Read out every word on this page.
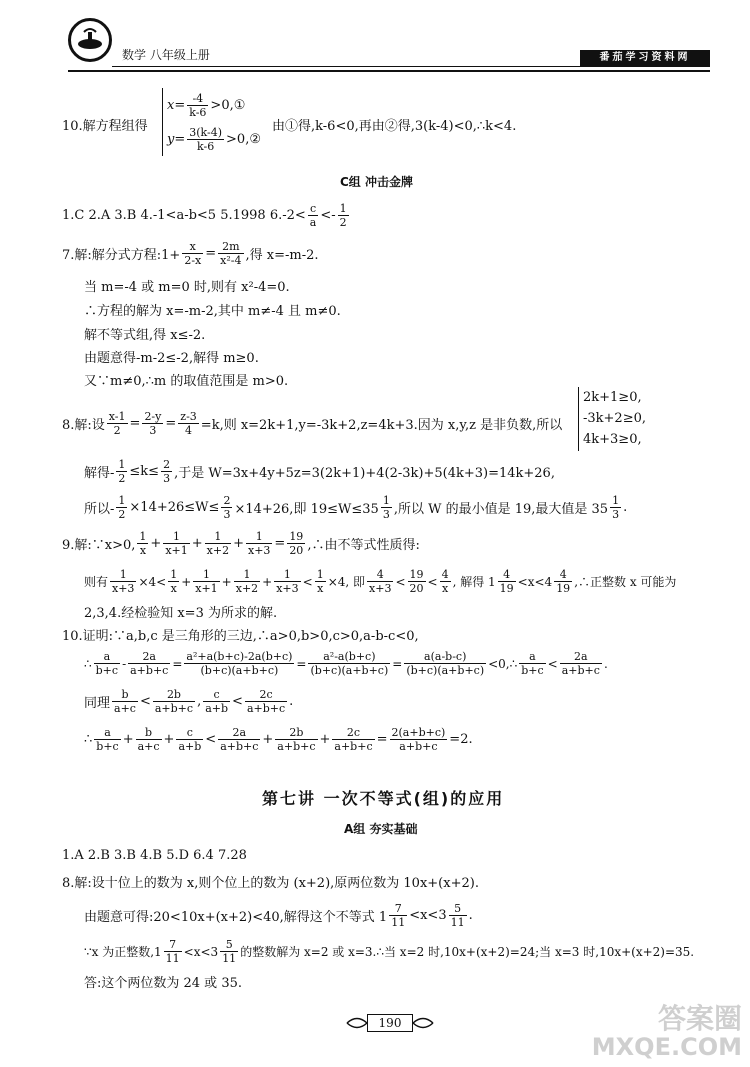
数学 八年级上册	番茄学习资料网
10.解方程组得
$x= \frac{-4}{k-6}$ >0,①
$y= \frac{3(k-4)}{k-6}$ >0,②
由①得,k-6<0,再由②得,3(k-4)<0,∴k<4.
C组 冲击金牌
1.C 2.A 3.B 4.-1<a-b<5 5.1998 $6.-2< \frac{c}{a} <- \frac{1}{2}$
7.解:解分式方程:1+ $\frac{x}{2-x} = \frac{2m}{\text{x²-4}}$ ,得 x=-m-2.
当 m=-4 或 m=0 时,则有 x²-4=0.
∴方程的解为 x=-m-2,其中 m≠-4 且 m≠0.
解不等式组,得 x≤-2.
由题意得-m-2≤-2,解得 m≥0.
又∵m≠0,∴m 的取值范围是 m>0.
8.解:设 $\frac{x-1}{2} = \frac{2-y}{3} = \frac{z-3}{4} =k$,则 x=2k+1,y=-3k+2,z=4k+3.因为 x,y,z 是非负数,所以
2k+1≥0,
-3k+2≥0,
4k+3≥0,
解得- $\frac{1}{2} \le k\le \frac{2}{3}$ ,于是 W=3x+4y+5z=3(2k+1)+4(2-3k)+5(4k+3)=14k+26,
所以- $\frac{1}{2} \times 14+26\le W\le \frac{2}{3} \times 14+26$,即 $19\le W\le 35 \frac{1}{3}$ ,所以 W 的最小值是 19,最大值是 $35 \frac{1}{3}$ .
9.解:∵x>0, $\frac{1}{x} + \frac{1}{x+1} + \frac{1}{x+2} + \frac{1}{x+3} = \frac{19}{20}$ ,∴由不等式性质得:
则有 $\frac{1}{x+3} \times 4< \frac{1}{x} + \frac{1}{x+1} + \frac{1}{x+2} + \frac{1}{x+3} < \frac{1}{x} \times 4$, 即 $\frac{4}{x+3} < \frac{19}{20} < \frac{4}{x}$ , 解得 $1 \frac{4}{19} <x<4 \frac{4}{19}$ ,∴正整数 x 可能为
2,3,4.经检验知 x=3 为所求的解.
10.证明:∵a,b,c 是三角形的三边,∴a>0,b>0,c>0,a-b-c<0,
∴ $\frac{a}{b+c} - \frac{2a}{a+b+c} = \frac{\text{a²+a(b+c)-2a(b+c)}}{(b+c)(a+b+c)} = \frac{\text{a²-a(b+c)}}{(b+c)(a+b+c)} = \frac{a(a-b-c)}{(b+c)(a+b+c)}$ <0,∴ $\frac{a}{b+c} < \frac{2a}{a+b+c}$ .
同理 $\frac{b}{a+c} < \frac{2b}{a+b+c}$ , $\frac{c}{a+b} < \frac{2c}{a+b+c}$ .
∴ $\frac{a}{b+c} + \frac{b}{a+c} + \frac{c}{a+b} < \frac{2a}{a+b+c} + \frac{2b}{a+b+c} + \frac{2c}{a+b+c} = \frac{2(a+b+c)}{a+b+c} =2$.
第七讲 一次不等式(组)的应用
A组 夯实基础
1.A 2.B 3.B 4.B 5.D 6.4 7.28
8.解:设十位上的数为 x,则个位上的数为 (x+2),原两位数为 10x+(x+2).
由题意可得:20<10x+(x+2)<40,解得这个不等式 $1 \frac{7}{11} <x<3 \frac{5}{11}$ .
∵x 为正整数$,1 \frac{7}{11} <x<3 \frac{5}{11}$ 的整数解为 x=2 或 x=3.∴当 x=2 时,10x+(x+2)=24;当 x=3 时,10x+(x+2)=35.
答:这个两位数为 24 或 35.
190	答案圈
MXQE.COM
